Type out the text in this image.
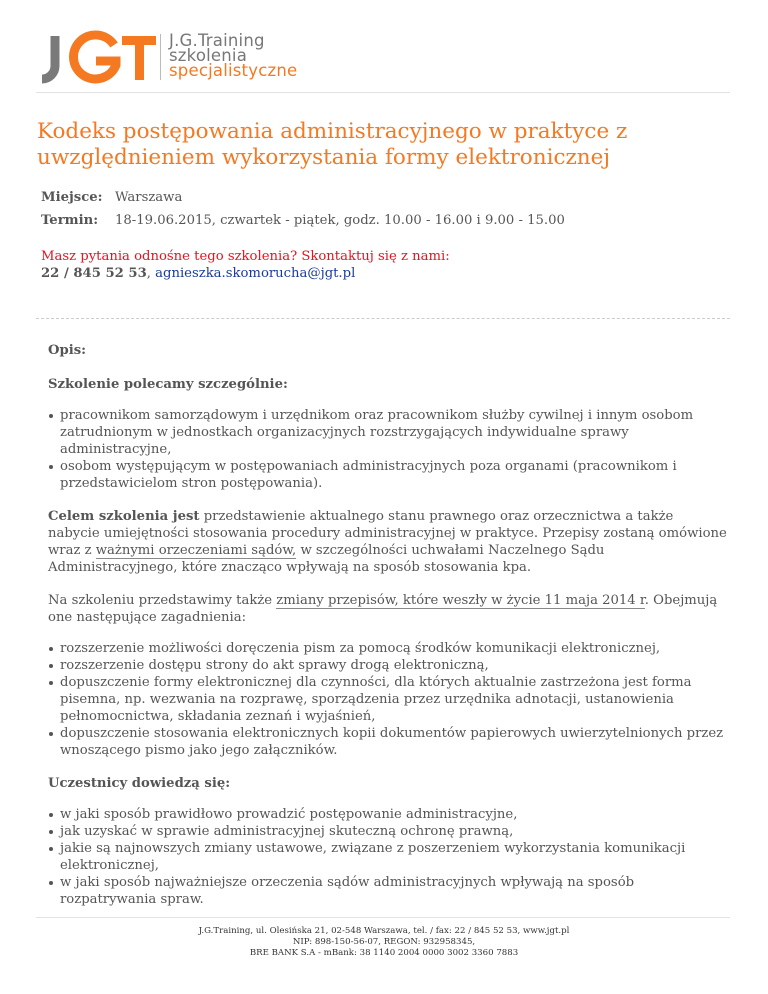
J.G.Training
szkolenia
specjalistyczne
Kodeks postępowania administracyjnego w praktyce z uwzględnieniem wykorzystania formy elektronicznej
Miejsce: Warszawa
Termin: 18-19.06.2015, czwartek - piątek, godz. 10.00 - 16.00 i 9.00 - 15.00
Masz pytania odnośne tego szkolenia? Skontaktuj się z nami:
22 / 845 52 53, agnieszka.skomorucha@jgt.pl
Opis:
Szkolenie polecamy szczególnie:
pracownikom samorządowym i urzędnikom oraz pracownikom służby cywilnej i innym osobom zatrudnionym w jednostkach organizacyjnych rozstrzygających indywidualne sprawy administracyjne,
osobom występującym w postępowaniach administracyjnych poza organami (pracownikom i przedstawicielom stron postępowania).

Celem szkolenia jest przedstawienie aktualnego stanu prawnego oraz orzecznictwa a także nabycie umiejętności stosowania procedury administracyjnej w praktyce. Przepisy zostaną omówione wraz z ważnymi orzeczeniami sądów, w szczególności uchwałami Naczelnego Sądu Administracyjnego, które znacząco wpływają na sposób stosowania kpa.

Na szkoleniu przedstawimy także zmiany przepisów, które weszły w życie 11 maja 2014 r. Obejmują one następujące zagadnienia:

rozszerzenie możliwości doręczenia pism za pomocą środków komunikacji elektronicznej,
rozszerzenie dostępu strony do akt sprawy drogą elektroniczną,
dopuszczenie formy elektronicznej dla czynności, dla których aktualnie zastrzeżona jest forma pisemna, np. wezwania na rozprawę, sporządzenia przez urzędnika adnotacji, ustanowienia pełnomocnictwa, składania zeznań i wyjaśnień,
dopuszczenie stosowania elektronicznych kopii dokumentów papierowych uwierzytelnionych przez wnoszącego pismo jako jego załączników.
Uczestnicy dowiedzą się:
w jaki sposób prawidłowo prowadzić postępowanie administracyjne,
jak uzyskać w sprawie administracyjnej skuteczną ochronę prawną,
jakie są najnowszych zmiany ustawowe, związane z poszerzeniem wykorzystania komunikacji elektronicznej,
w jaki sposób najważniejsze orzeczenia sądów administracyjnych wpływają na sposób rozpatrywania spraw.
J.G.Training, ul. Olesińska 21, 02-548 Warszawa, tel. / fax: 22 / 845 52 53, www.jgt.pl
NIP: 898-150-56-07, REGON: 932958345,
BRE BANK S.A - mBank: 38 1140 2004 0000 3002 3360 7883
